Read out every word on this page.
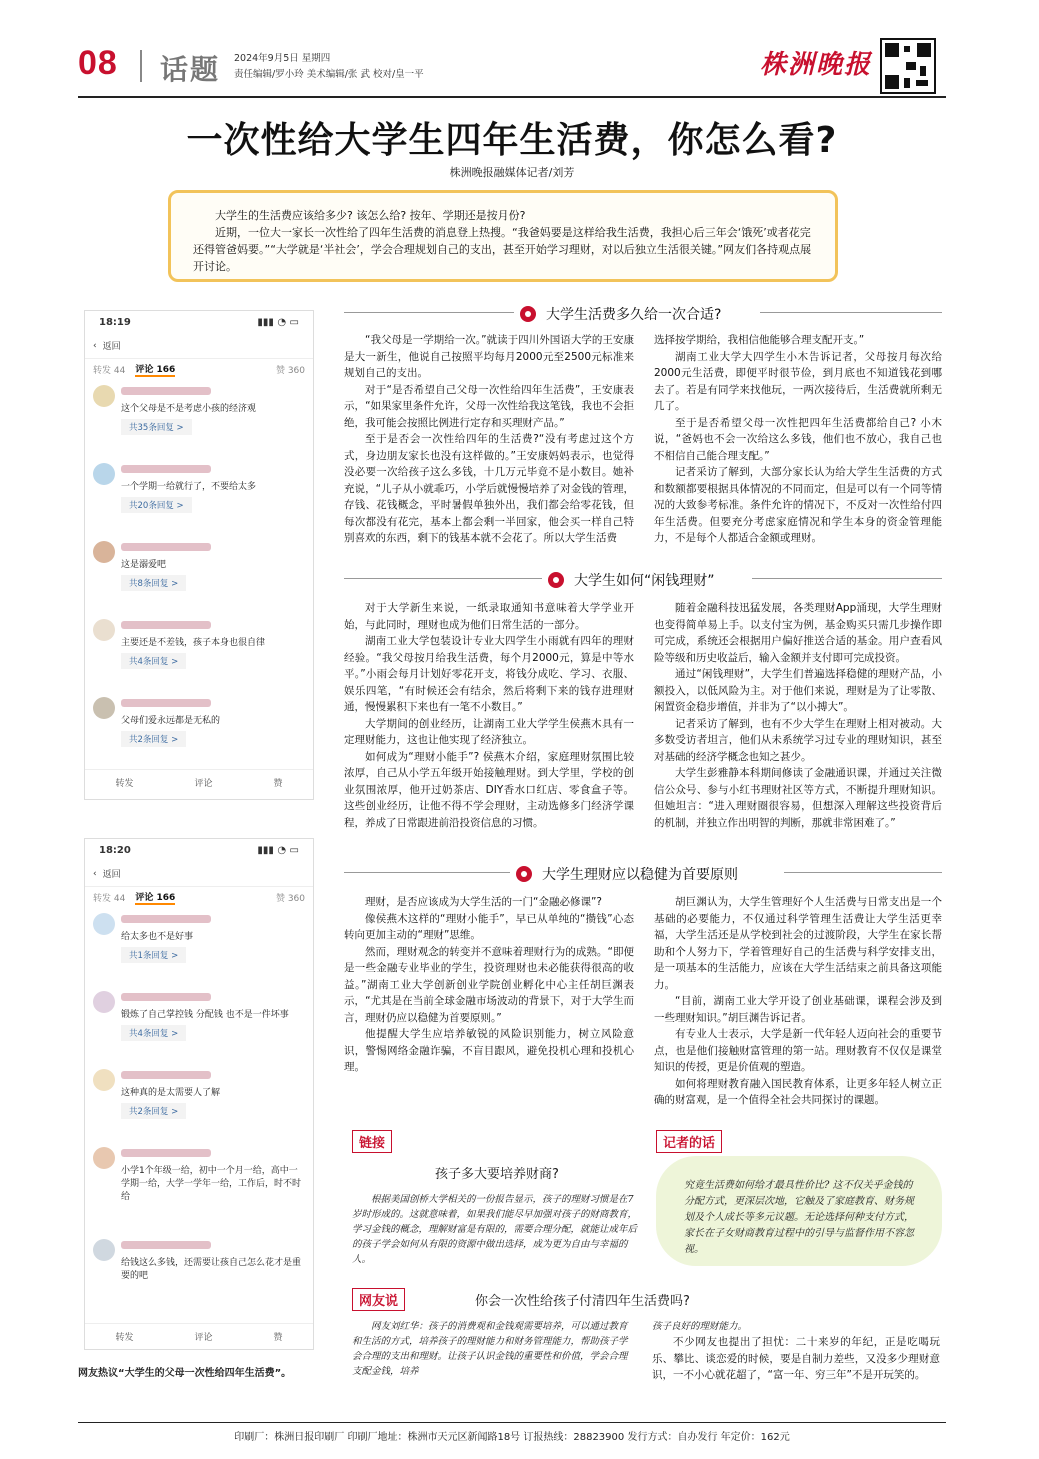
08 话题 2024年9月5日 星期四
责任编辑/罗小玲 美术编辑/张 武 校对/皇一平	株洲晚报
一次性给大学生四年生活费，你怎么看?
株洲晚报融媒体记者/刘芳

大学生的生活费应该给多少? 该怎么给? 按年、学期还是按月份?

近期，一位大一家长一次性给了四年生活费的消息登上热搜。“我爸妈要是这样给我生活费，我担心后三年会‘饿死’或者花完还得管爸妈要。”“大学就是‘半社会’，学会合理规划自己的支出，甚至开始学习理财，对以后独立生活很关键。”网友们各持观点展开讨论。

18:19	▮▮▮ ◔ ▭
‹ 返回
转发 44 评论 166	赞 360
这个父母是不是考虑小孩的经济观
共35条回复 >
一个学期一给就行了，不要给太多
共20条回复 >
这是溺爱吧
共8条回复 >
主要还是不差钱，孩子本身也很自律
共4条回复 >
父母们爱永远都是无私的
共2条回复 >
转发	评论	赞
18:20	▮▮▮ ◔ ▭
‹ 返回
转发 44 评论 166	赞 360
给太多也不是好事
共1条回复 >
锻炼了自己掌控钱 分配钱 也不是一件坏事
共4条回复 >
这种真的是太需要人了解
共2条回复 >
小学1个年级一给，初中一个月一给，高中一学期一给，大学一学年一给，工作后，时不时给
给钱这么多钱，还需要让孩自己怎么花才是重要的吧
转发	评论	赞
网友热议“大学生的父母一次性给四年生活费”。
大学生活费多久给一次合适?

“我父母是一学期给一次。”就读于四川外国语大学的王安康是大一新生，他说自己按照平均每月2000元至2500元标准来规划自己的支出。

对于“是否希望自己父母一次性给四年生活费”，王安康表示，“如果家里条件允许，父母一次性给我这笔钱，我也不会拒绝，我可能会按照比例进行定存和买理财产品。”

至于是否会一次性给四年的生活费?“没有考虑过这个方式，身边朋友家长也没有这样做的。”王安康妈妈表示，也觉得没必要一次给孩子这么多钱，十几万元毕竟不是小数目。她补充说，“儿子从小就乖巧，小学后就慢慢培养了对金钱的管理，存钱、花钱概念，平时暑假单独外出，我们都会给零花钱，但每次都没有花完，基本上都会剩一半回家，他会买一样自己特别喜欢的东西，剩下的钱基本就不会花了。所以大学生活费

选择按学期给，我相信他能够合理支配开支。”

湖南工业大学大四学生小木告诉记者，父母按月每次给2000元生活费，即便平时很节俭，到月底也不知道钱花到哪去了。若是有同学来找他玩，一两次接待后，生活费就所剩无几了。

至于是否希望父母一次性把四年生活费都给自己? 小木说，“爸妈也不会一次给这么多钱，他们也不放心，我自己也不相信自己能合理支配。”

记者采访了解到，大部分家长认为给大学生生活费的方式和数额都要根据具体情况的不同而定，但是可以有一个同等情况的大致参考标准。条件允许的情况下，不反对一次性给付四年生活费。但要充分考虑家庭情况和学生本身的资金管理能力，不是每个人都适合金额或理财。

大学生如何“闲钱理财”

对于大学新生来说，一纸录取通知书意味着大学学业开始，与此同时，理财也成为他们日常生活的一部分。

湖南工业大学包装设计专业大四学生小雨就有四年的理财经验。“我父母按月给我生活费，每个月2000元，算是中等水平。”小雨会每月计划好零花开支，将钱分成吃、学习、衣服、娱乐四笔，“有时候还会有结余，然后将剩下来的钱存进理财通，慢慢累积下来也有一笔不小数目。”

大学期间的创业经历，让湖南工业大学学生侯燕木具有一定理财能力，这也让他实现了经济独立。

如何成为“理财小能手”? 侯燕木介绍，家庭理财氛围比较浓厚，自己从小学五年级开始接触理财。到大学里，学校的创业氛围浓厚，他开过奶茶店、DIY香水口红店、零食盒子等。这些创业经历，让他不得不学会理财，主动选修多门经济学课程，养成了日常跟进前沿投资信息的习惯。

随着金融科技迅猛发展，各类理财App涌现，大学生理财也变得简单易上手。以支付宝为例，基金购买只需几步操作即可完成，系统还会根据用户偏好推送合适的基金。用户查看风险等级和历史收益后，输入金额并支付即可完成投资。

通过“闲钱理财”，大学生们普遍选择稳健的理财产品，小额投入，以低风险为主。对于他们来说，理财是为了让零散、闲置资金稳步增值，并非为了“以小搏大”。

记者采访了解到，也有不少大学生在理财上相对被动。大多数受访者坦言，他们从未系统学习过专业的理财知识，甚至对基础的经济学概念也知之甚少。

大学生彭雅静本科期间修读了金融通识课，并通过关注微信公众号、参与小红书理财社区等方式，不断提升理财知识。但她坦言：“进入理财圈很容易，但想深入理解这些投资背后的机制，并独立作出明智的判断，那就非常困难了。”

大学生理财应以稳健为首要原则

理财，是否应该成为大学生活的一门“金融必修课”?

像侯燕木这样的“理财小能手”，早已从单纯的“攒钱”心态转向更加主动的“理财”思维。

然而，理财观念的转变并不意味着理财行为的成熟。“即便是一些金融专业毕业的学生，投资理财也未必能获得很高的收益。”湖南工业大学创新创业学院创业孵化中心主任胡巨渊表示，“尤其是在当前全球金融市场波动的背景下，对于大学生而言，理财仍应以稳健为首要原则。”

他提醒大学生应培养敏锐的风险识别能力，树立风险意识，警惕网络金融诈骗，不盲目跟风，避免投机心理和投机心理。

胡巨渊认为，大学生管理好个人生活费与日常支出是一个基础的必要能力，不仅通过科学管理生活费让大学生活更幸福，大学生活还是从学校到社会的过渡阶段，大学生在家长帮助和个人努力下，学着管理好自己的生活费与科学安排支出，是一项基本的生活能力，应该在大学生活结束之前具备这项能力。

“目前，湖南工业大学开设了创业基础课，课程会涉及到一些理财知识。”胡巨渊告诉记者。

有专业人士表示，大学是新一代年轻人迈向社会的重要节点，也是他们接触财富管理的第一站。理财教育不仅仅是课堂知识的传授，更是价值观的塑造。

如何将理财教育融入国民教育体系，让更多年轻人树立正确的财富观，是一个值得全社会共同探讨的课题。

链接
孩子多大要培养财商?
根据美国创桥大学相关的一份报告显示，孩子的理财习惯是在7岁时形成的。这就意味着，如果我们能尽早加强对孩子的财商教育，学习金钱的概念，理解财富是有限的，需要合理分配，就能让成年后的孩子学会如何从有限的资源中做出选择，成为更为自由与幸福的人。
记者的话
究竟生活费如何给才最具性价比? 这不仅关乎金钱的分配方式，更深层次地，它触及了家庭教育、财务规划及个人成长等多元议题。无论选择何种支付方式，家长在子女财商教育过程中的引导与监督作用不容忽视。
网友说	你会一次性给孩子付清四年生活费吗?
网友刘红华：孩子的消费观和金钱观需要培养，可以通过教育和生活的方式，培养孩子的理财能力和财务管理能力，帮助孩子学会合理的支出和理财。让孩子认识金钱的重要性和价值，学会合理支配金钱，培养
孩子良好的理财能力。
不少网友也提出了担忧：二十来岁的年纪，正是吃喝玩乐、攀比、谈恋爱的时候，要是自制力差些，又没多少理财意识，一不小心就花超了，“富一年、穷三年”不是开玩笑的。
印刷厂：株洲日报印刷厂 印刷厂地址：株洲市天元区新闻路18号 订报热线：28823900 发行方式：自办发行 年定价：162元
